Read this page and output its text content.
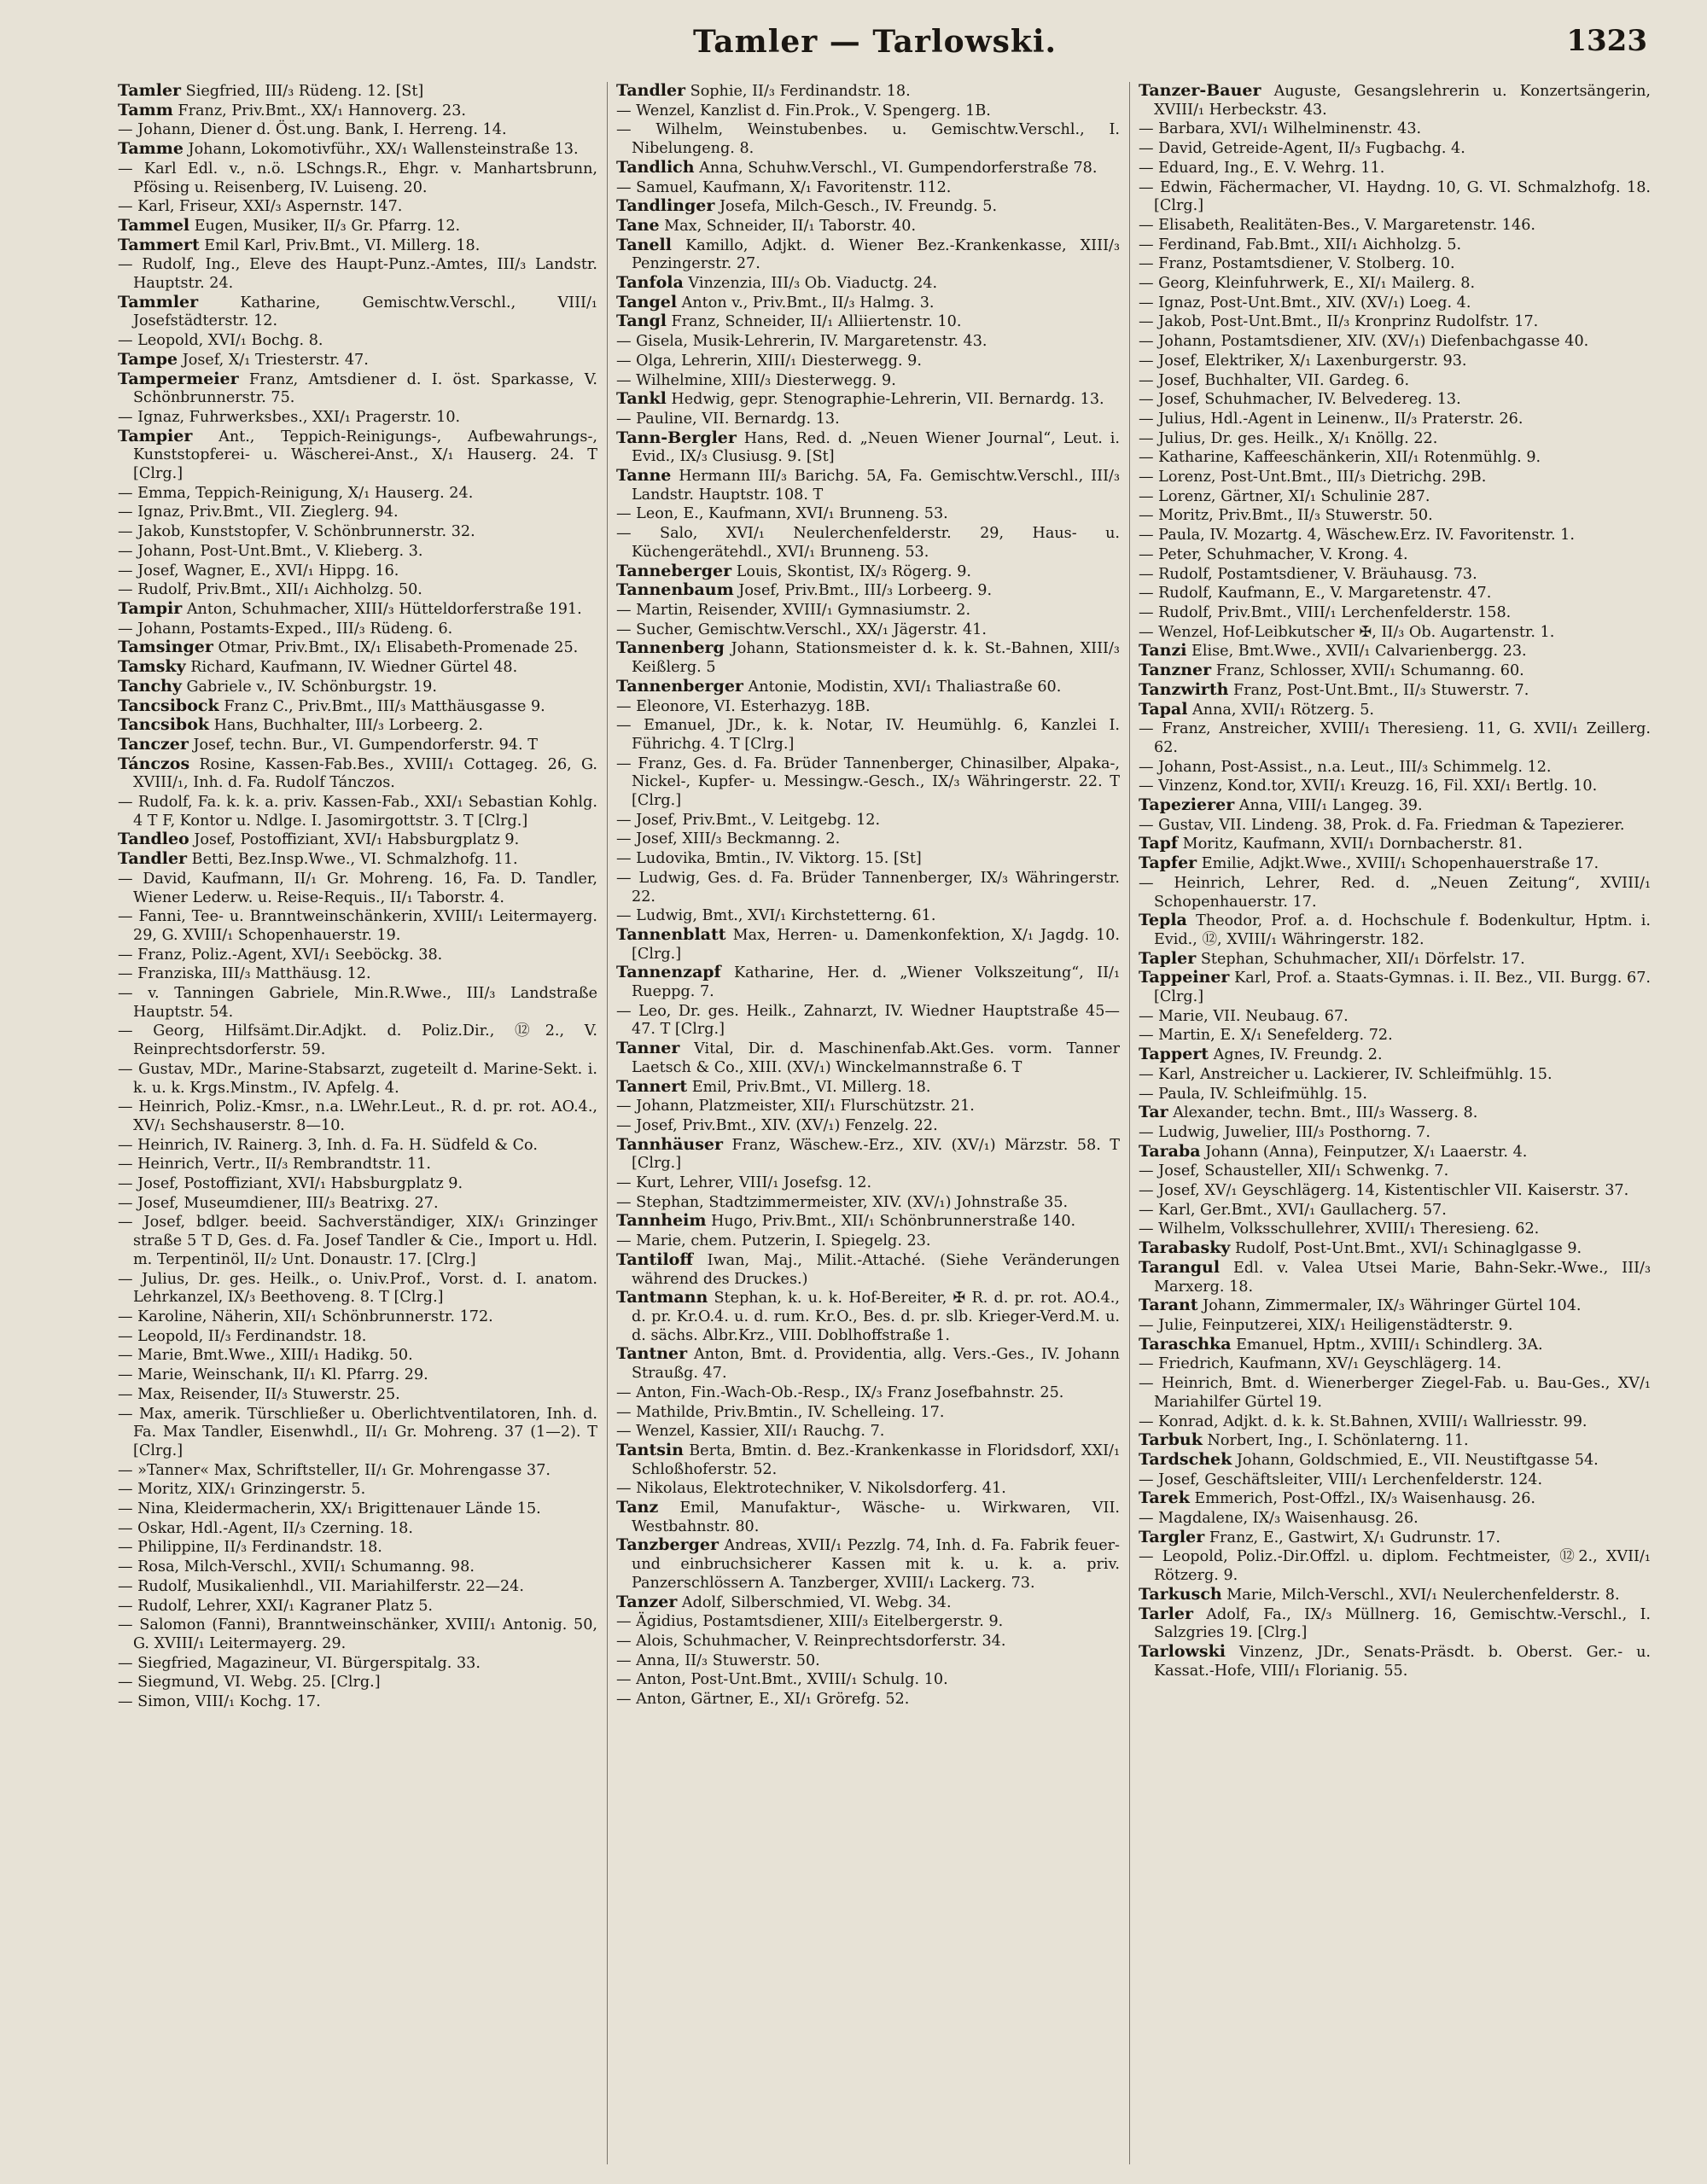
Tamler — Tarlowski.	1323

Tamler Siegfried, III/₃ Rüdeng. 12. [St]

Tamm Franz, Priv.Bmt., XX/₁ Hannoverg. 23.

— Johann, Diener d. Öst.ung. Bank, I. Herreng. 14.

Tamme Johann, Lokomotivführ., XX/₁ Wallensteinstraße 13.

— Karl Edl. v., n.ö. LSchngs.R., Ehgr. v. Manhartsbrunn, Pfösing u. Reisenberg, IV. Luiseng. 20.

— Karl, Friseur, XXI/₃ Aspernstr. 147.

Tammel Eugen, Musiker, II/₃ Gr. Pfarrg. 12.

Tammert Emil Karl, Priv.Bmt., VI. Millerg. 18.

— Rudolf, Ing., Eleve des Haupt-Punz.-Amtes, III/₃ Landstr. Hauptstr. 24.

Tammler Katharine, Gemischtw.Verschl., VIII/₁ Josefstädterstr. 12.

— Leopold, XVI/₁ Bochg. 8.

Tampe Josef, X/₁ Triesterstr. 47.

Tampermeier Franz, Amtsdiener d. I. öst. Sparkasse, V. Schönbrunnerstr. 75.

— Ignaz, Fuhrwerksbes., XXI/₁ Pragerstr. 10.

Tampier Ant., Teppich-Reinigungs-, Aufbewahrungs-, Kunststopferei- u. Wäscherei-Anst., X/₁ Hauserg. 24. T [Clrg.]

— Emma, Teppich-Reinigung, X/₁ Hauserg. 24.

— Ignaz, Priv.Bmt., VII. Zieglerg. 94.

— Jakob, Kunststopfer, V. Schönbrunnerstr. 32.

— Johann, Post-Unt.Bmt., V. Klieberg. 3.

— Josef, Wagner, E., XVI/₁ Hippg. 16.

— Rudolf, Priv.Bmt., XII/₁ Aichholzg. 50.

Tampir Anton, Schuhmacher, XIII/₃ Hütteldorferstraße 191.

— Johann, Postamts-Exped., III/₃ Rüdeng. 6.

Tamsinger Otmar, Priv.Bmt., IX/₁ Elisabeth-Promenade 25.

Tamsky Richard, Kaufmann, IV. Wiedner Gürtel 48.

Tanchy Gabriele v., IV. Schönburgstr. 19.

Tancsibock Franz C., Priv.Bmt., III/₃ Matthäusgasse 9.

Tancsibok Hans, Buchhalter, III/₃ Lorbeerg. 2.

Tanczer Josef, techn. Bur., VI. Gumpendorferstr. 94. T

Tánczos Rosine, Kassen-Fab.Bes., XVIII/₁ Cottageg. 26, G. XVIII/₁, Inh. d. Fa. Rudolf Tánczos.

— Rudolf, Fa. k. k. a. priv. Kassen-Fab., XXI/₁ Sebastian Kohlg. 4 T F, Kontor u. Ndlge. I. Jasomirgottstr. 3. T [Clrg.]

Tandleo Josef, Postoffiziant, XVI/₁ Habsburgplatz 9.

Tandler Betti, Bez.Insp.Wwe., VI. Schmalzhofg. 11.

— David, Kaufmann, II/₁ Gr. Mohreng. 16, Fa. D. Tandler, Wiener Lederw. u. Reise-Requis., II/₁ Taborstr. 4.

— Fanni, Tee- u. Branntweinschänkerin, XVIII/₁ Leitermayerg. 29, G. XVIII/₁ Schopenhauerstr. 19.

— Franz, Poliz.-Agent, XVI/₁ Seeböckg. 38.

— Franziska, III/₃ Matthäusg. 12.

— v. Tanningen Gabriele, Min.R.Wwe., III/₃ Landstraße Hauptstr. 54.

— Georg, Hilfsämt.Dir.Adjkt. d. Poliz.Dir., ⑫2., V. Reinprechtsdorferstr. 59.

— Gustav, MDr., Marine-Stabsarzt, zugeteilt d. Marine-Sekt. i. k. u. k. Krgs.Minstm., IV. Apfelg. 4.

— Heinrich, Poliz.-Kmsr., n.a. LWehr.Leut., R. d. pr. rot. AO.4., XV/₁ Sechshauserstr. 8—10.

— Heinrich, IV. Rainerg. 3, Inh. d. Fa. H. Südfeld & Co.

— Heinrich, Vertr., II/₃ Rembrandtstr. 11.

— Josef, Postoffiziant, XVI/₁ Habsburgplatz 9.

— Josef, Museumdiener, III/₃ Beatrixg. 27.

— Josef, bdlger. beeid. Sachverständiger, XIX/₁ Grinzinger straße 5 T D, Ges. d. Fa. Josef Tandler & Cie., Import u. Hdl. m. Terpentinöl, II/₂ Unt. Donaustr. 17. [Clrg.]

— Julius, Dr. ges. Heilk., o. Univ.Prof., Vorst. d. I. anatom. Lehrkanzel, IX/₃ Beethoveng. 8. T [Clrg.]

— Karoline, Näherin, XII/₁ Schönbrunnerstr. 172.

— Leopold, II/₃ Ferdinandstr. 18.

— Marie, Bmt.Wwe., XIII/₁ Hadikg. 50.

— Marie, Weinschank, II/₁ Kl. Pfarrg. 29.

— Max, Reisender, II/₃ Stuwerstr. 25.

— Max, amerik. Türschließer u. Oberlichtventilatoren, Inh. d. Fa. Max Tandler, Eisenwhdl., II/₁ Gr. Mohreng. 37 (1—2). T [Clrg.]

— »Tanner« Max, Schriftsteller, II/₁ Gr. Mohrengasse 37.

— Moritz, XIX/₁ Grinzingerstr. 5.

— Nina, Kleidermacherin, XX/₁ Brigittenauer Lände 15.

— Oskar, Hdl.-Agent, II/₃ Czerning. 18.

— Philippine, II/₃ Ferdinandstr. 18.

— Rosa, Milch-Verschl., XVII/₁ Schumanng. 98.

— Rudolf, Musikalienhdl., VII. Mariahilferstr. 22—24.

— Rudolf, Lehrer, XXI/₁ Kagraner Platz 5.

— Salomon (Fanni), Branntweinschänker, XVIII/₁ Antonig. 50, G. XVIII/₁ Leitermayerg. 29.

— Siegfried, Magazineur, VI. Bürgerspitalg. 33.

— Siegmund, VI. Webg. 25. [Clrg.]

— Simon, VIII/₁ Kochg. 17.

Tandler Sophie, II/₃ Ferdinandstr. 18.

— Wenzel, Kanzlist d. Fin.Prok., V. Spengerg. 1B.

— Wilhelm, Weinstubenbes. u. Gemischtw.Verschl., I. Nibelungeng. 8.

Tandlich Anna, Schuhw.Verschl., VI. Gumpendorferstraße 78.

— Samuel, Kaufmann, X/₁ Favoritenstr. 112.

Tandlinger Josefa, Milch-Gesch., IV. Freundg. 5.

Tane Max, Schneider, II/₁ Taborstr. 40.

Tanell Kamillo, Adjkt. d. Wiener Bez.-Krankenkasse, XIII/₃ Penzingerstr. 27.

Tanfola Vinzenzia, III/₃ Ob. Viaductg. 24.

Tangel Anton v., Priv.Bmt., II/₃ Halmg. 3.

Tangl Franz, Schneider, II/₁ Alliiertenstr. 10.

— Gisela, Musik-Lehrerin, IV. Margaretenstr. 43.

— Olga, Lehrerin, XIII/₁ Diesterwegg. 9.

— Wilhelmine, XIII/₃ Diesterwegg. 9.

Tankl Hedwig, gepr. Stenographie-Lehrerin, VII. Bernardg. 13.

— Pauline, VII. Bernardg. 13.

Tann-Bergler Hans, Red. d. „Neuen Wiener Journal“, Leut. i. Evid., IX/₃ Clusiusg. 9. [St]

Tanne Hermann III/₃ Barichg. 5A, Fa. Gemischtw.Verschl., III/₃ Landstr. Hauptstr. 108. T

— Leon, E., Kaufmann, XVI/₁ Brunneng. 53.

— Salo, XVI/₁ Neulerchenfelderstr. 29, Haus- u. Küchengerätehdl., XVI/₁ Brunneng. 53.

Tanneberger Louis, Skontist, IX/₃ Rögerg. 9.

Tannenbaum Josef, Priv.Bmt., III/₃ Lorbeerg. 9.

— Martin, Reisender, XVIII/₁ Gymnasiumstr. 2.

— Sucher, Gemischtw.Verschl., XX/₁ Jägerstr. 41.

Tannenberg Johann, Stationsmeister d. k. k. St.-Bahnen, XIII/₃ Keißlerg. 5

Tannenberger Antonie, Modistin, XVI/₁ Thaliastraße 60.

— Eleonore, VI. Esterhazyg. 18B.

— Emanuel, JDr., k. k. Notar, IV. Heumühlg. 6, Kanzlei I. Führichg. 4. T [Clrg.]

— Franz, Ges. d. Fa. Brüder Tannenberger, Chinasilber, Alpaka-, Nickel-, Kupfer- u. Messingw.-Gesch., IX/₃ Währingerstr. 22. T [Clrg.]

— Josef, Priv.Bmt., V. Leitgebg. 12.

— Josef, XIII/₃ Beckmanng. 2.

— Ludovika, Bmtin., IV. Viktorg. 15. [St]

— Ludwig, Ges. d. Fa. Brüder Tannenberger, IX/₃ Währingerstr. 22.

— Ludwig, Bmt., XVI/₁ Kirchstetterng. 61.

Tannenblatt Max, Herren- u. Damenkonfektion, X/₁ Jagdg. 10. [Clrg.]

Tannenzapf Katharine, Her. d. „Wiener Volkszeitung“, II/₁ Rueppg. 7.

— Leo, Dr. ges. Heilk., Zahnarzt, IV. Wiedner Hauptstraße 45—47. T [Clrg.]

Tanner Vital, Dir. d. Maschinenfab.Akt.Ges. vorm. Tanner Laetsch & Co., XIII. (XV/₁) Winckelmannstraße 6. T

Tannert Emil, Priv.Bmt., VI. Millerg. 18.

— Johann, Platzmeister, XII/₁ Flurschützstr. 21.

— Josef, Priv.Bmt., XIV. (XV/₁) Fenzelg. 22.

Tannhäuser Franz, Wäschew.-Erz., XIV. (XV/₁) Märzstr. 58. T [Clrg.]

— Kurt, Lehrer, VIII/₁ Josefsg. 12.

— Stephan, Stadtzimmermeister, XIV. (XV/₁) Johnstraße 35.

Tannheim Hugo, Priv.Bmt., XII/₁ Schönbrunnerstraße 140.

— Marie, chem. Putzerin, I. Spiegelg. 23.

Tantiloff Iwan, Maj., Milit.-Attaché. (Siehe Veränderungen während des Druckes.)

Tantmann Stephan, k. u. k. Hof-Bereiter, ✠ R. d. pr. rot. AO.4., d. pr. Kr.O.4. u. d. rum. Kr.O., Bes. d. pr. slb. Krieger-Verd.M. u. d. sächs. Albr.Krz., VIII. Doblhoffstraße 1.

Tantner Anton, Bmt. d. Providentia, allg. Vers.-Ges., IV. Johann Straußg. 47.

— Anton, Fin.-Wach-Ob.-Resp., IX/₃ Franz Josefbahnstr. 25.

— Mathilde, Priv.Bmtin., IV. Schelleing. 17.

— Wenzel, Kassier, XII/₁ Rauchg. 7.

Tantsin Berta, Bmtin. d. Bez.-Krankenkasse in Floridsdorf, XXI/₁ Schloßhoferstr. 52.

— Nikolaus, Elektrotechniker, V. Nikolsdorferg. 41.

Tanz Emil, Manufaktur-, Wäsche- u. Wirkwaren, VII. Westbahnstr. 80.

Tanzberger Andreas, XVII/₁ Pezzlg. 74, Inh. d. Fa. Fabrik feuer- und einbruchsicherer Kassen mit k. u. k. a. priv. Panzerschlössern A. Tanzberger, XVIII/₁ Lackerg. 73.

Tanzer Adolf, Silberschmied, VI. Webg. 34.

— Ägidius, Postamtsdiener, XIII/₃ Eitelbergerstr. 9.

— Alois, Schuhmacher, V. Reinprechtsdorferstr. 34.

— Anna, II/₃ Stuwerstr. 50.

— Anton, Post-Unt.Bmt., XVIII/₁ Schulg. 10.

— Anton, Gärtner, E., XI/₁ Grörefg. 52.

Tanzer-Bauer Auguste, Gesangslehrerin u. Konzertsängerin, XVIII/₁ Herbeckstr. 43.

— Barbara, XVI/₁ Wilhelminenstr. 43.

— David, Getreide-Agent, II/₃ Fugbachg. 4.

— Eduard, Ing., E. V. Wehrg. 11.

— Edwin, Fächermacher, VI. Haydng. 10, G. VI. Schmalzhofg. 18. [Clrg.]

— Elisabeth, Realitäten-Bes., V. Margaretenstr. 146.

— Ferdinand, Fab.Bmt., XII/₁ Aichholzg. 5.

— Franz, Postamtsdiener, V. Stolberg. 10.

— Georg, Kleinfuhrwerk, E., XI/₁ Mailerg. 8.

— Ignaz, Post-Unt.Bmt., XIV. (XV/₁) Loeg. 4.

— Jakob, Post-Unt.Bmt., II/₃ Kronprinz Rudolfstr. 17.

— Johann, Postamtsdiener, XIV. (XV/₁) Diefenbachgasse 40.

— Josef, Elektriker, X/₁ Laxenburgerstr. 93.

— Josef, Buchhalter, VII. Gardeg. 6.

— Josef, Schuhmacher, IV. Belvedereg. 13.

— Julius, Hdl.-Agent in Leinenw., II/₃ Praterstr. 26.

— Julius, Dr. ges. Heilk., X/₁ Knöllg. 22.

— Katharine, Kaffeeschänkerin, XII/₁ Rotenmühlg. 9.

— Lorenz, Post-Unt.Bmt., III/₃ Dietrichg. 29B.

— Lorenz, Gärtner, XI/₁ Schulinie 287.

— Moritz, Priv.Bmt., II/₃ Stuwerstr. 50.

— Paula, IV. Mozartg. 4, Wäschew.Erz. IV. Favoritenstr. 1.

— Peter, Schuhmacher, V. Krong. 4.

— Rudolf, Postamtsdiener, V. Bräuhausg. 73.

— Rudolf, Kaufmann, E., V. Margaretenstr. 47.

— Rudolf, Priv.Bmt., VIII/₁ Lerchenfelderstr. 158.

— Wenzel, Hof-Leibkutscher ✠, II/₃ Ob. Augartenstr. 1.

Tanzi Elise, Bmt.Wwe., XVII/₁ Calvarienbergg. 23.

Tanzner Franz, Schlosser, XVII/₁ Schumanng. 60.

Tanzwirth Franz, Post-Unt.Bmt., II/₃ Stuwerstr. 7.

Tapal Anna, XVII/₁ Rötzerg. 5.

— Franz, Anstreicher, XVIII/₁ Theresieng. 11, G. XVII/₁ Zeillerg. 62.

— Johann, Post-Assist., n.a. Leut., III/₃ Schimmelg. 12.

— Vinzenz, Kond.tor, XVII/₁ Kreuzg. 16, Fil. XXI/₁ Bertlg. 10.

Tapezierer Anna, VIII/₁ Langeg. 39.

— Gustav, VII. Lindeng. 38, Prok. d. Fa. Friedman & Tapezierer.

Tapf Moritz, Kaufmann, XVII/₁ Dornbacherstr. 81.

Tapfer Emilie, Adjkt.Wwe., XVIII/₁ Schopenhauerstraße 17.

— Heinrich, Lehrer, Red. d. „Neuen Zeitung“, XVIII/₁ Schopenhauerstr. 17.

Tepla Theodor, Prof. a. d. Hochschule f. Bodenkultur, Hptm. i. Evid., ⑫, XVIII/₁ Währingerstr. 182.

Tapler Stephan, Schuhmacher, XII/₁ Dörfelstr. 17.

Tappeiner Karl, Prof. a. Staats-Gymnas. i. II. Bez., VII. Burgg. 67. [Clrg.]

— Marie, VII. Neubaug. 67.

— Martin, E. X/₁ Senefelderg. 72.

Tappert Agnes, IV. Freundg. 2.

— Karl, Anstreicher u. Lackierer, IV. Schleifmühlg. 15.

— Paula, IV. Schleifmühlg. 15.

Tar Alexander, techn. Bmt., III/₃ Wasserg. 8.

— Ludwig, Juwelier, III/₃ Posthorng. 7.

Taraba Johann (Anna), Feinputzer, X/₁ Laaerstr. 4.

— Josef, Schausteller, XII/₁ Schwenkg. 7.

— Josef, XV/₁ Geyschlägerg. 14, Kistentischler VII. Kaiserstr. 37.

— Karl, Ger.Bmt., XVI/₁ Gaullacherg. 57.

— Wilhelm, Volksschullehrer, XVIII/₁ Theresieng. 62.

Tarabasky Rudolf, Post-Unt.Bmt., XVI/₁ Schinaglgasse 9.

Tarangul Edl. v. Valea Utsei Marie, Bahn-Sekr.-Wwe., III/₃ Marxerg. 18.

Tarant Johann, Zimmermaler, IX/₃ Währinger Gürtel 104.

— Julie, Feinputzerei, XIX/₁ Heiligenstädterstr. 9.

Taraschka Emanuel, Hptm., XVIII/₁ Schindlerg. 3A.

— Friedrich, Kaufmann, XV/₁ Geyschlägerg. 14.

— Heinrich, Bmt. d. Wienerberger Ziegel-Fab. u. Bau-Ges., XV/₁ Mariahilfer Gürtel 19.

— Konrad, Adjkt. d. k. k. St.Bahnen, XVIII/₁ Wallriesstr. 99.

Tarbuk Norbert, Ing., I. Schönlaterng. 11.

Tardschek Johann, Goldschmied, E., VII. Neustiftgasse 54.

— Josef, Geschäftsleiter, VIII/₁ Lerchenfelderstr. 124.

Tarek Emmerich, Post-Offzl., IX/₃ Waisenhausg. 26.

— Magdalene, IX/₃ Waisenhausg. 26.

Targler Franz, E., Gastwirt, X/₁ Gudrunstr. 17.

— Leopold, Poliz.-Dir.Offzl. u. diplom. Fechtmeister, ⑫2., XVII/₁ Rötzerg. 9.

Tarkusch Marie, Milch-Verschl., XVI/₁ Neulerchenfelderstr. 8.

Tarler Adolf, Fa., IX/₃ Müllnerg. 16, Gemischtw.-Verschl., I. Salzgries 19. [Clrg.]

Tarlowski Vinzenz, JDr., Senats-Präsdt. b. Oberst. Ger.- u. Kassat.-Hofe, VIII/₁ Florianig. 55.
